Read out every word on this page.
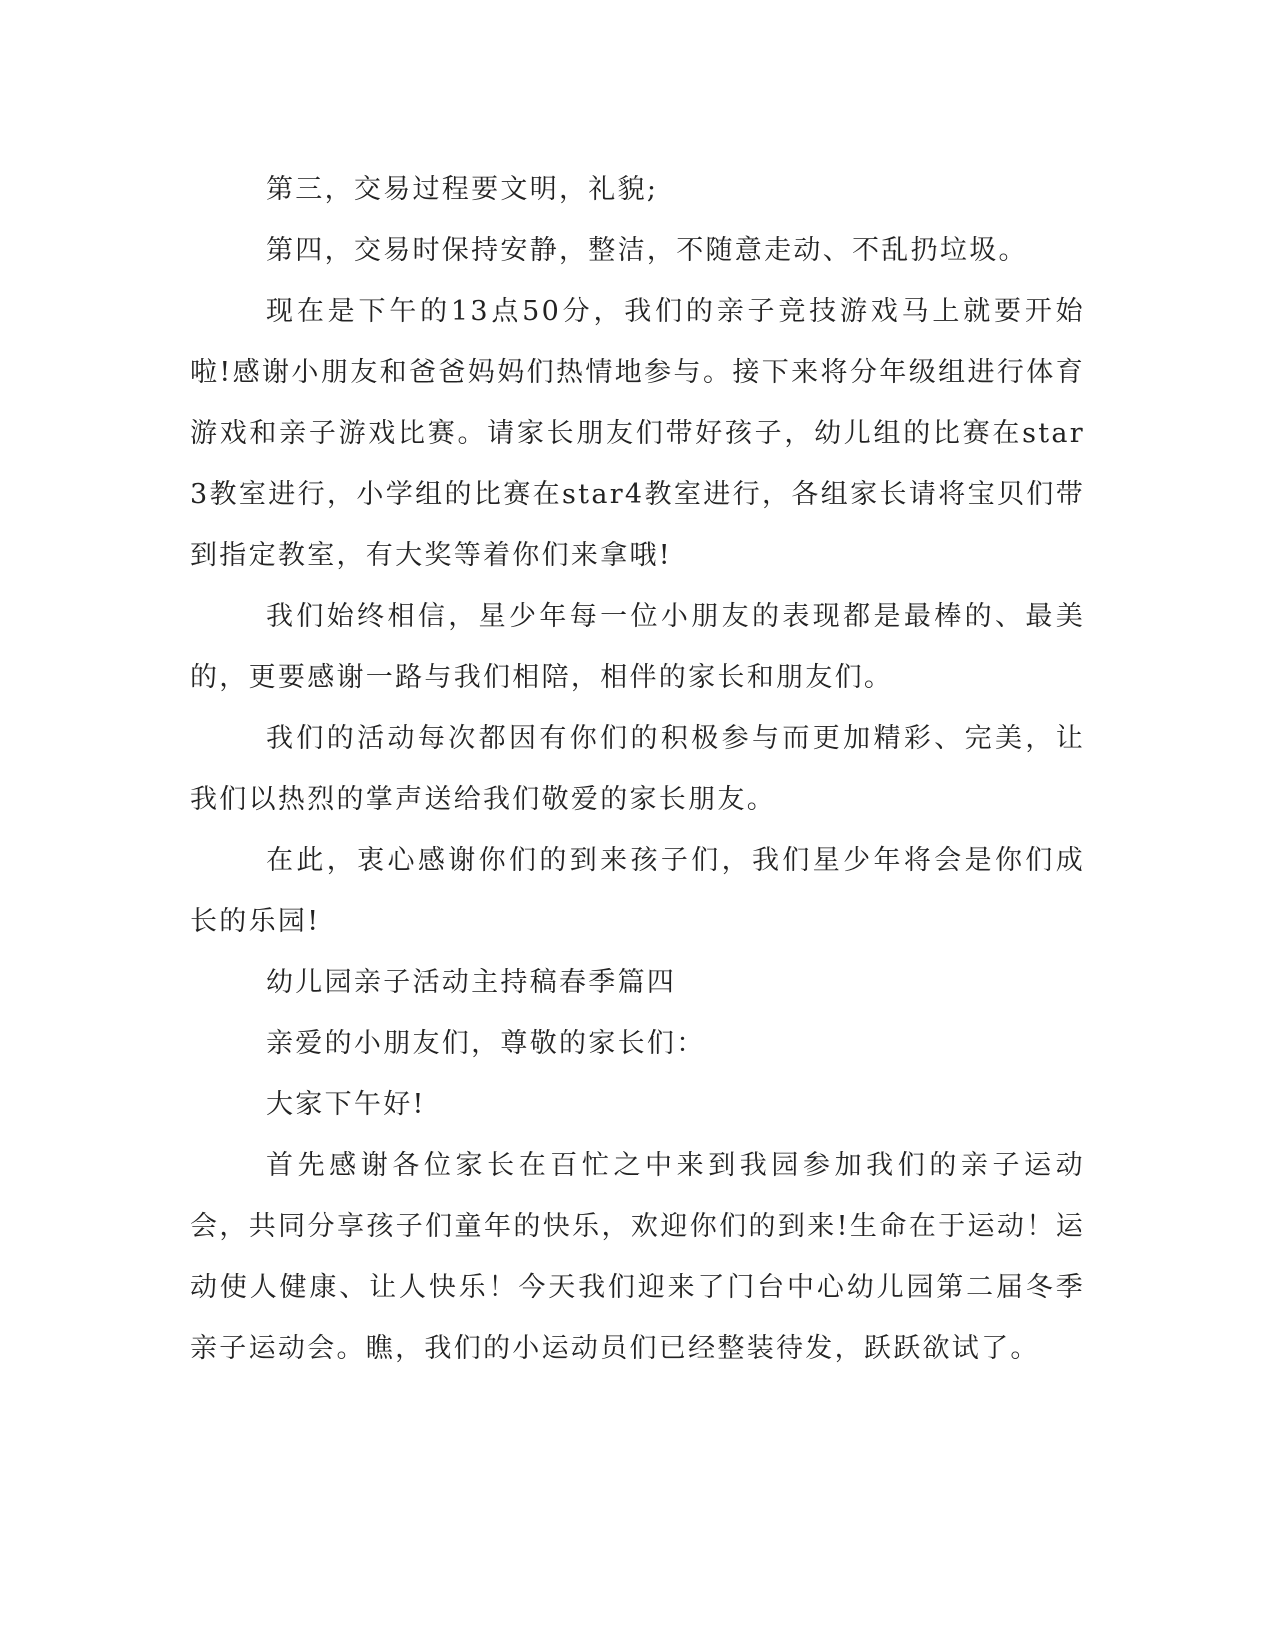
第三，交易过程要文明，礼貌;

第四，交易时保持安静，整洁，不随意走动、不乱扔垃圾。

现在是下午的13点50分，我们的亲子竞技游戏马上就要开始啦!感谢小朋友和爸爸妈妈们热情地参与。接下来将分年级组进行体育游戏和亲子游戏比赛。请家长朋友们带好孩子，幼儿组的比赛在star3教室进行，小学组的比赛在star4教室进行，各组家长请将宝贝们带到指定教室，有大奖等着你们来拿哦!

我们始终相信，星少年每一位小朋友的表现都是最棒的、最美的，更要感谢一路与我们相陪，相伴的家长和朋友们。

我们的活动每次都因有你们的积极参与而更加精彩、完美，让我们以热烈的掌声送给我们敬爱的家长朋友。

在此，衷心感谢你们的到来孩子们，我们星少年将会是你们成长的乐园!

幼儿园亲子活动主持稿春季篇四

亲爱的小朋友们，尊敬的家长们：

大家下午好!

首先感谢各位家长在百忙之中来到我园参加我们的亲子运动会，共同分享孩子们童年的快乐，欢迎你们的到来!生命在于运动！运动使人健康、让人快乐！今天我们迎来了门台中心幼儿园第二届冬季亲子运动会。瞧，我们的小运动员们已经整装待发，跃跃欲试了。
